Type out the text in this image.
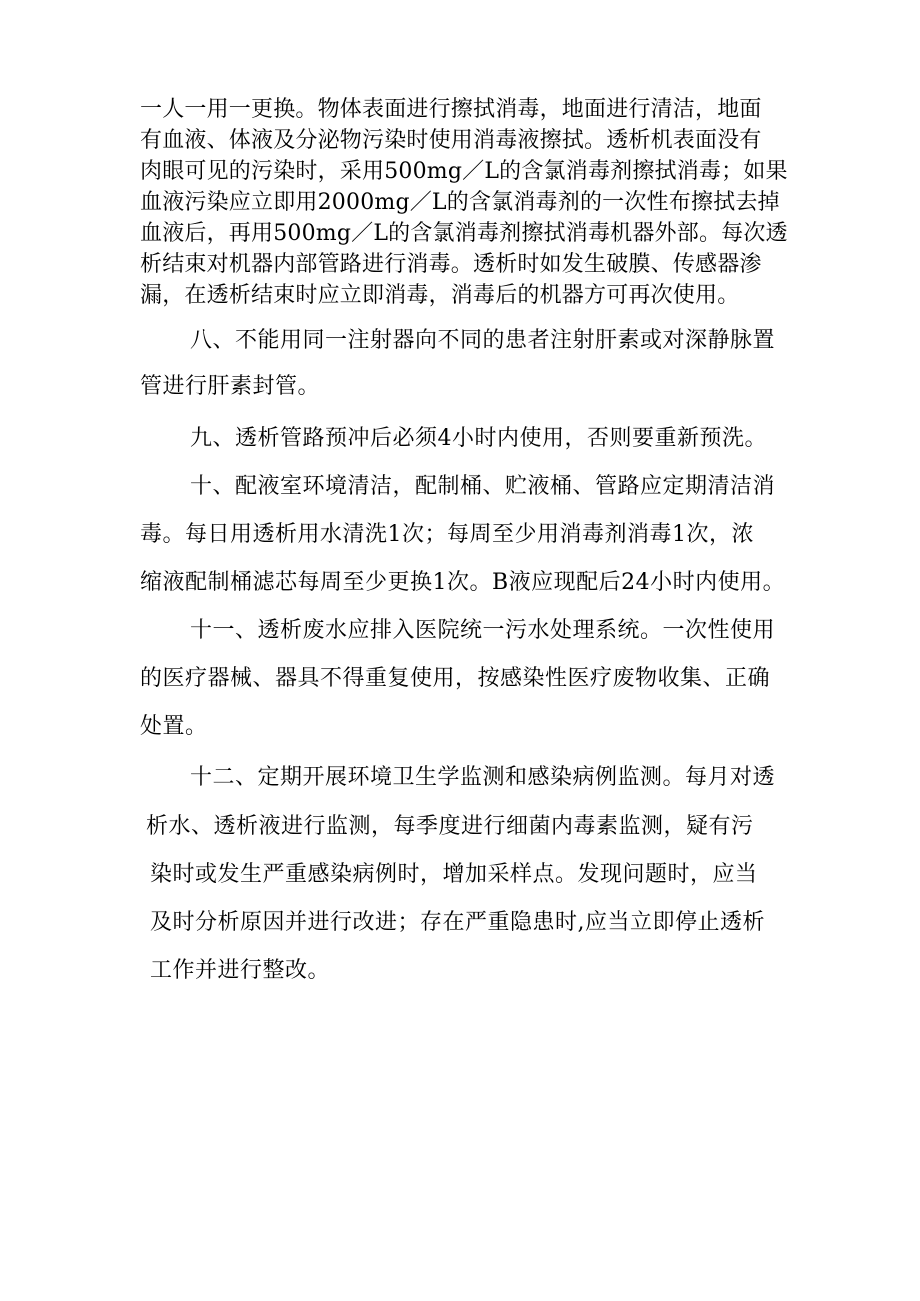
一人一用一更换。物体表面进行擦拭消毒，地面进行清洁，地面

有血液、体液及分泌物污染时使用消毒液擦拭。透析机表面没有

肉眼可见的污染时，采用500mg／L的含氯消毒剂擦拭消毒；如果

血液污染应立即用2000mg／L的含氯消毒剂的一次性布擦拭去掉

血液后，再用500mg／L的含氯消毒剂擦拭消毒机器外部。每次透

析结束对机器内部管路进行消毒。透析时如发生破膜、传感器渗

漏，在透析结束时应立即消毒，消毒后的机器方可再次使用。

八、不能用同一注射器向不同的患者注射肝素或对深静脉置

管进行肝素封管。

九、透析管路预冲后必须4小时内使用，否则要重新预洗。

十、配液室环境清洁，配制桶、贮液桶、管路应定期清洁消

毒。每日用透析用水清洗1次；每周至少用消毒剂消毒1次，浓

缩液配制桶滤芯每周至少更换1次。B液应现配后24小时内使用。

十一、透析废水应排入医院统一污水处理系统。一次性使用

的医疗器械、器具不得重复使用，按感染性医疗废物收集、正确

处置。

十二、定期开展环境卫生学监测和感染病例监测。每月对透

析水、透析液进行监测，每季度进行细菌内毒素监测，疑有污

染时或发生严重感染病例时，增加采样点。发现问题时，应当

及时分析原因并进行改进；存在严重隐患时,应当立即停止透析

工作并进行整改。
